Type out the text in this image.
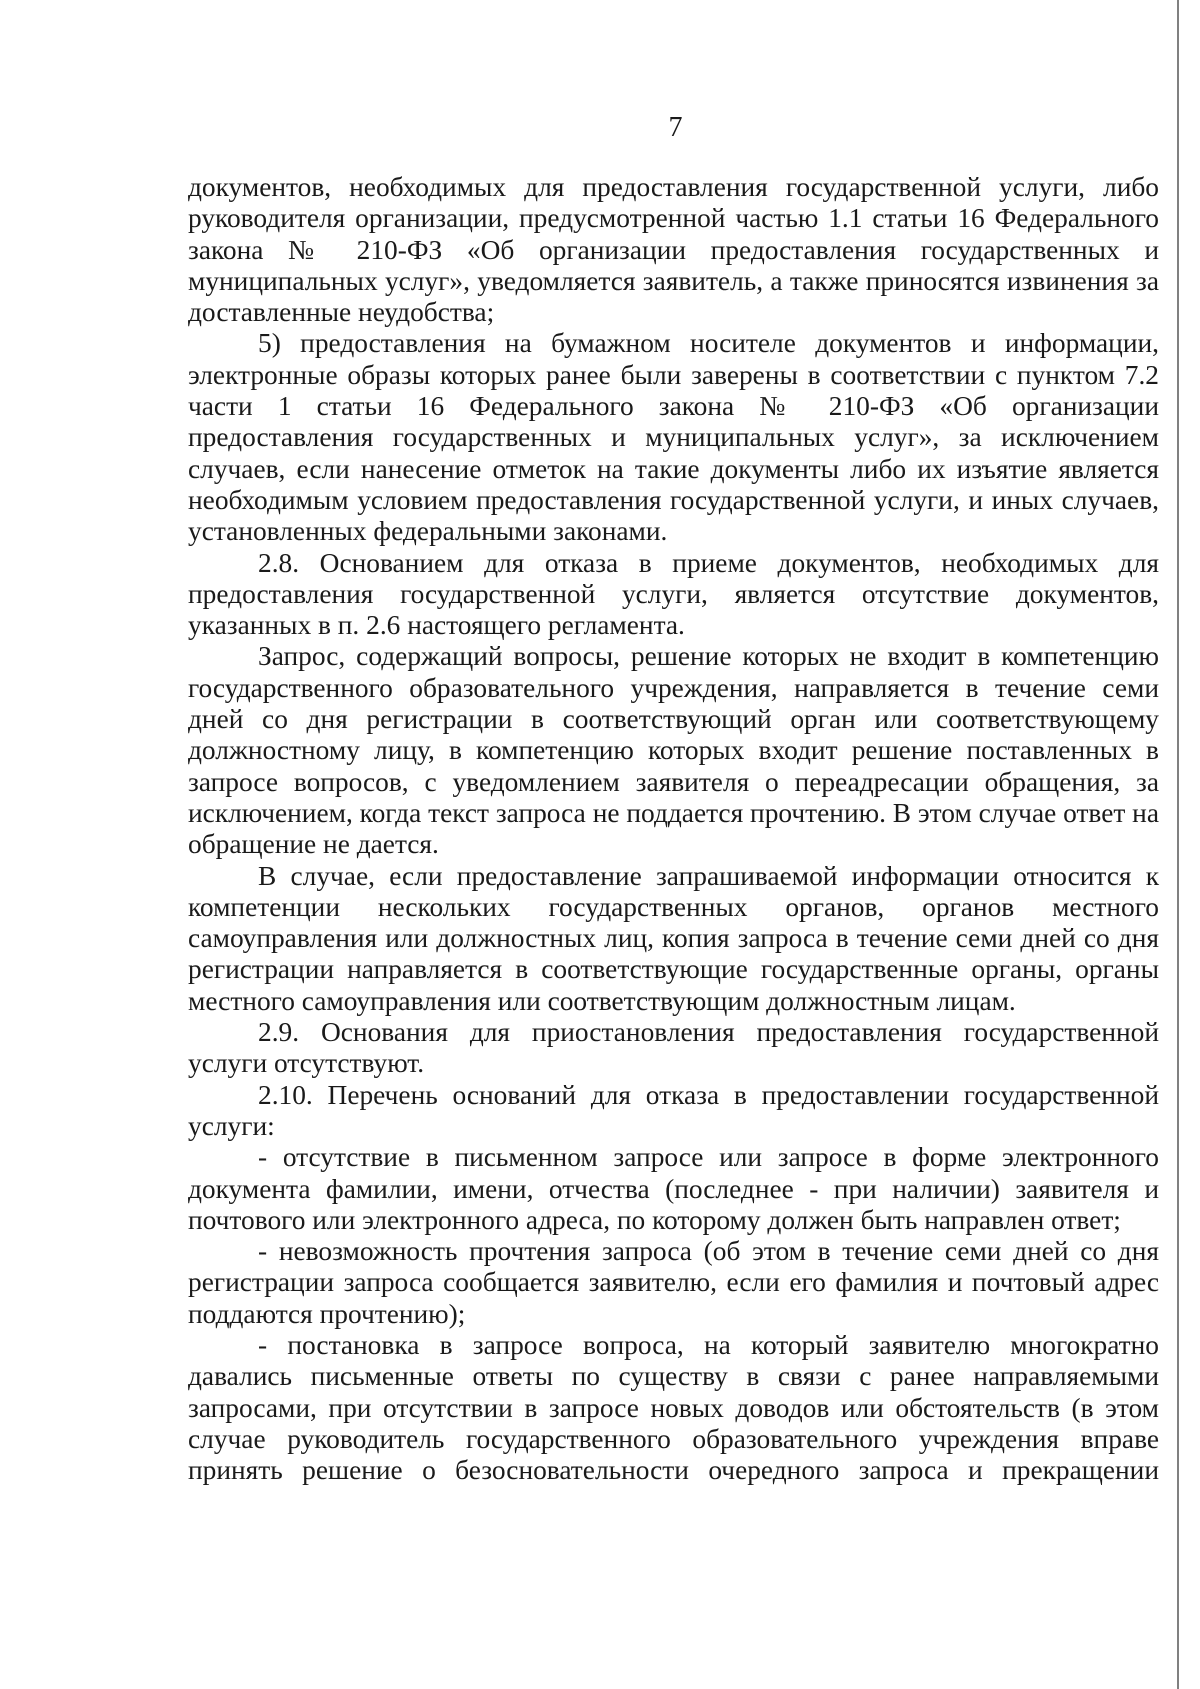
7

документов, необходимых для предоставления государственной услуги, либо руководителя организации, предусмотренной частью 1.1 статьи 16 Федерального закона № 210-ФЗ «Об организации предоставления государственных и муниципальных услуг», уведомляется заявитель, а также приносятся извинения за доставленные неудобства;

5) предоставления на бумажном носителе документов и информации, электронные образы которых ранее были заверены в соответствии с пунктом 7.2 части 1 статьи 16 Федерального закона № 210-ФЗ «Об организации предоставления государственных и муниципальных услуг», за исключением случаев, если нанесение отметок на такие документы либо их изъятие является необходимым условием предоставления государственной услуги, и иных случаев, установленных федеральными законами.

2.8. Основанием для отказа в приеме документов, необходимых для предоставления государственной услуги, является отсутствие документов, указанных в п. 2.6 настоящего регламента.

Запрос, содержащий вопросы, решение которых не входит в компетенцию государственного образовательного учреждения, направляется в течение семи дней со дня регистрации в соответствующий орган или соответствующему должностному лицу, в компетенцию которых входит решение поставленных в запросе вопросов, с уведомлением заявителя о переадресации обращения, за исключением, когда текст запроса не поддается прочтению. В этом случае ответ на обращение не дается.

В случае, если предоставление запрашиваемой информации относится к компетенции нескольких государственных органов, органов местного самоуправления или должностных лиц, копия запроса в течение семи дней со дня регистрации направляется в соответствующие государственные органы, органы местного самоуправления или соответствующим должностным лицам.

2.9. Основания для приостановления предоставления государственной услуги отсутствуют.

2.10. Перечень оснований для отказа в предоставлении государственной услуги:

- отсутствие в письменном запросе или запросе в форме электронного документа фамилии, имени, отчества (последнее - при наличии) заявителя и почтового или электронного адреса, по которому должен быть направлен ответ;

- невозможность прочтения запроса (об этом в течение семи дней со дня регистрации запроса сообщается заявителю, если его фамилия и почтовый адрес поддаются прочтению);

- постановка в запросе вопроса, на который заявителю многократно давались письменные ответы по существу в связи с ранее направляемыми запросами, при отсутствии в запросе новых доводов или обстоятельств (в этом случае руководитель государственного образовательного учреждения вправе принять решение о безосновательности очередного запроса и прекращении
